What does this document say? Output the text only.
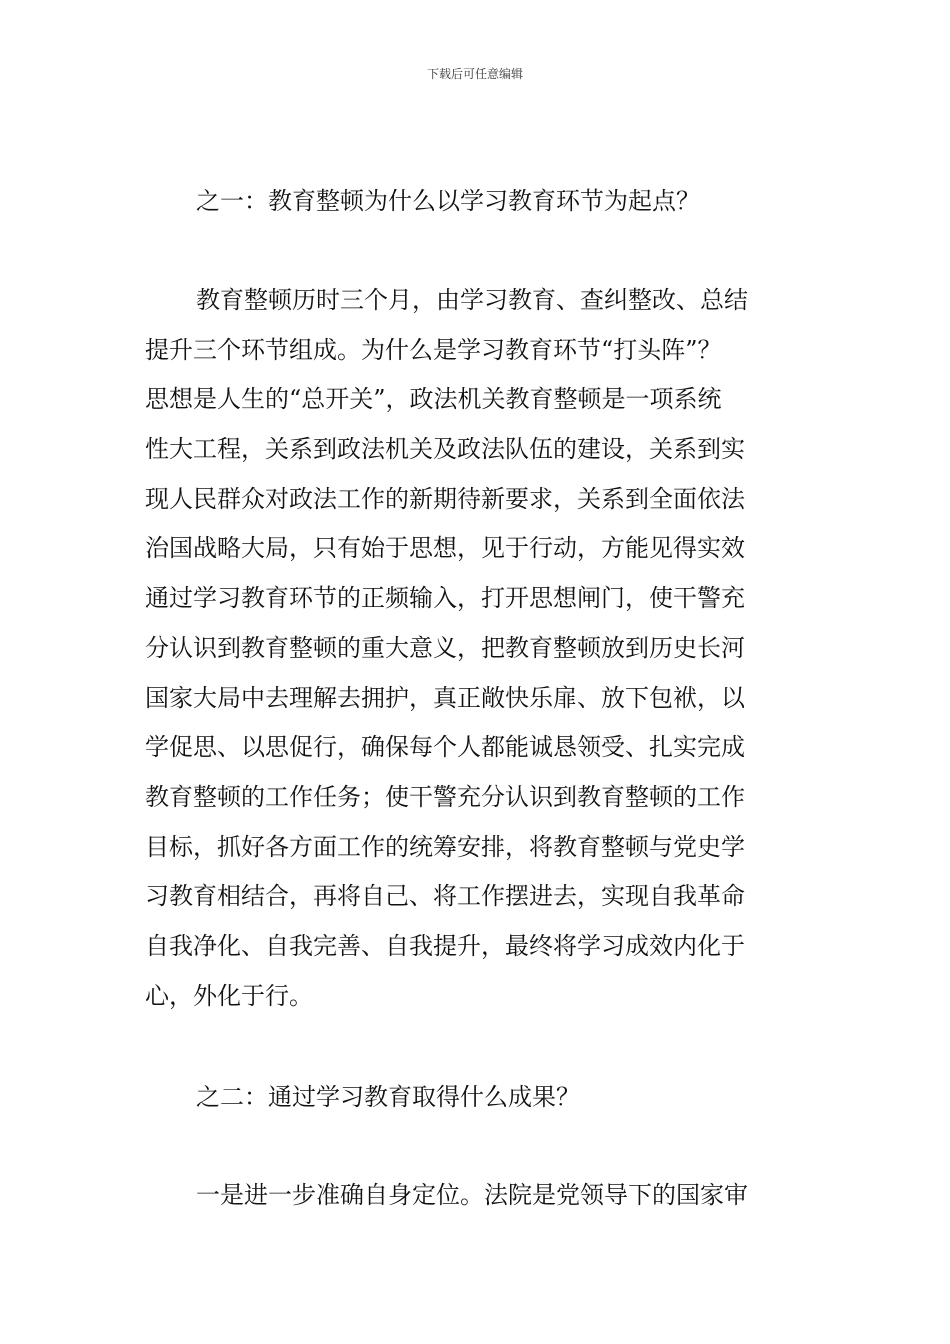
下载后可任意编辑
之一：教育整顿为什么以学习教育环节为起点？
教育整顿历时三个月，由学习教育、查纠整改、总结
提升三个环节组成。为什么是学习教育环节“打头阵”？
思想是人生的“总开关”，政法机关教育整顿是一项系统
性大工程，关系到政法机关及政法队伍的建设，关系到实
现人民群众对政法工作的新期待新要求，关系到全面依法
治国战略大局，只有始于思想，见于行动，方能见得实效
通过学习教育环节的正频输入，打开思想闸门，使干警充
分认识到教育整顿的重大意义，把教育整顿放到历史长河
国家大局中去理解去拥护，真正敞快乐扉、放下包袱，以
学促思、以思促行，确保每个人都能诚恳领受、扎实完成
教育整顿的工作任务；使干警充分认识到教育整顿的工作
目标，抓好各方面工作的统筹安排，将教育整顿与党史学
习教育相结合，再将自己、将工作摆进去，实现自我革命
自我净化、自我完善、自我提升，最终将学习成效内化于
心，外化于行。
之二：通过学习教育取得什么成果？
一是进一步准确自身定位。法院是党领导下的国家审
